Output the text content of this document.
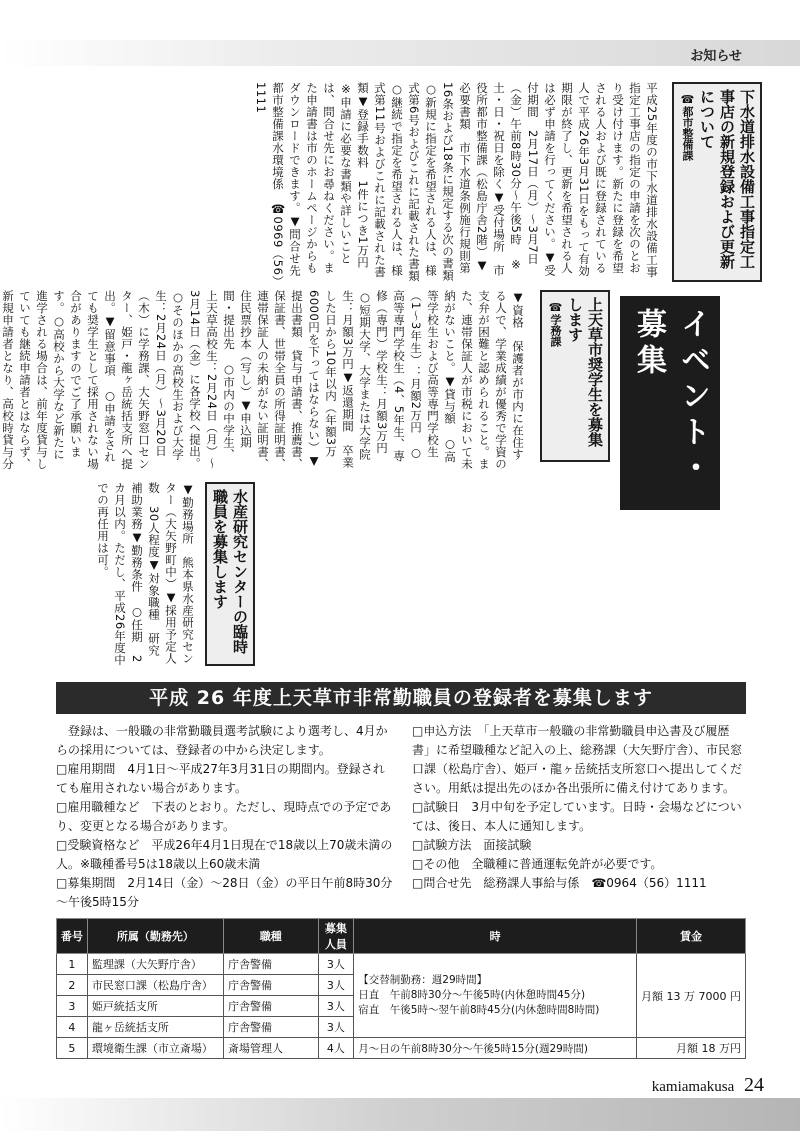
お知らせ
下水道排水設備工事指定工事店の新規登録および更新について
☎都市整備課

平成25年度の市下水道排水設備工事指定工事店の指定の申請を次のとおり受け付けます。新たに登録を希望される人および既に登録されている人で平成26年3月31日をもって有効期限が終了し、更新を希望される人は必ず申請を行ってください。▼受付期間　2月17日（月）～3月7日（金）午前8時30分～午後5時　※土・日・祝日を除く▼受付場所　市役所都市整備課（松島庁舎2階）▼必要書類　市下水道条例施行規則第16条および18条に規定する次の書類　○新規に指定を希望される人は、様式第6号およびこれに記載された書類　○継続で指定を希望される人は、様式第11号およびこれに記載された書類▼登録手数料　1件につき1万円　※申請に必要な書類や詳しいことは、問合せ先にお尋ねください。また申請書は市のホームページからもダウンロードできます。▼問合せ先　都市整備課水環境係　☎0969（56）1111

イベント・募集
上天草市奨学生を募集します
☎学務課

▼資格　保護者が市内に在住する人で、学業成績が優秀で学資の支弁が困難と認められること。また、連帯保証人が市税において未納がないこと。▼貸与額　○高等学校生および高等専門学校生（1～3年生）：月額2万円　○高等専門学校生（4、5年生、専修（専門）学校生：月額3万円　○短期大学、大学または大学院生：月額3万円▼返還期間　卒業した日から10年以内（年額3万6000円を下ってはならない）▼提出書類　貸与申請書、推薦書、保証書、世帯全員の所得証明書、連帯保証人の未納がない証明書、住民票抄本（写し）▼申込期間・提出先　○市内の中学生、上天草高校生：2月24日（月）～3月14日（金）に各学校へ提出。○そのほかの高校生および大学生：2月24日（月）～3月20日（木）に学務課、大矢野窓口センター、姫戸・龍ヶ岳統括支所へ提出。▼留意事項　○申請をされても奨学生として採用されない場合がありますのでご了承願います。○高校から大学など新たに進学される場合は、前年度貸与していても継続申請者とはならず、新規申請者となり、高校時貸与分　　

水産研究センターの臨時職員を募集します

▼勤務場所　熊本県水産研究センター（大矢野町中）▼採用予定人数　30人程度▼対象職種　研究補助業務▼勤務条件　○任期　2カ月以内。ただし、平成26年度中での再任用は可。

平成 26 年度上天草市非常勤職員の登録者を募集します

　登録は、一般職の非常勤職員選考試験により選考し、4月からの採用については、登録者の中から決定します。

□雇用期間　4月1日～平成27年3月31日の期間内。登録されても雇用されない場合があります。

□雇用職種など　下表のとおり。ただし、現時点での予定であり、変更となる場合があります。

□受験資格など　平成26年4月1日現在で18歳以上70歳未満の人。※職種番号5は18歳以上60歳未満

□募集期間　2月14日（金）～28日（金）の平日午前8時30分～午後5時15分

□申込方法　「上天草市一般職の非常勤職員申込書及び履歴書」に希望職種など記入の上、総務課（大矢野庁舎）、市民窓口課（松島庁舎）、姫戸・龍ヶ岳統括支所窓口へ提出してください。用紙は提出先のほか各出張所に備え付けてあります。

□試験日　3月中旬を予定しています。日時・会場などについては、後日、本人に通知します。

□試験方法　面接試験

□その他　全職種に普通運転免許が必要です。

□問合せ先　総務課人事給与係　☎0964（56）1111

番号	所属（勤務先）	職種	募集人員	時	賃金
1	監理課（大矢野庁舎）	庁舎警備	3人	【交替制勤務：週29時間】
日直　午前8時30分～午後5時(内休憩時間45分)
宿直　午後5時～翌午前8時45分(内休憩時間8時間)	月額 13 万 7000 円
2	市民窓口課（松島庁舎）	庁舎警備	3人		
3	姫戸統括支所	庁舎警備	3人		
4	龍ヶ岳統括支所	庁舎警備	3人		
5	環境衛生課（市立斎場）	斎場管理人	4人	月～日の午前8時30分～午後5時15分(週29時間)	月額 18 万円
kamiamakusa 24
